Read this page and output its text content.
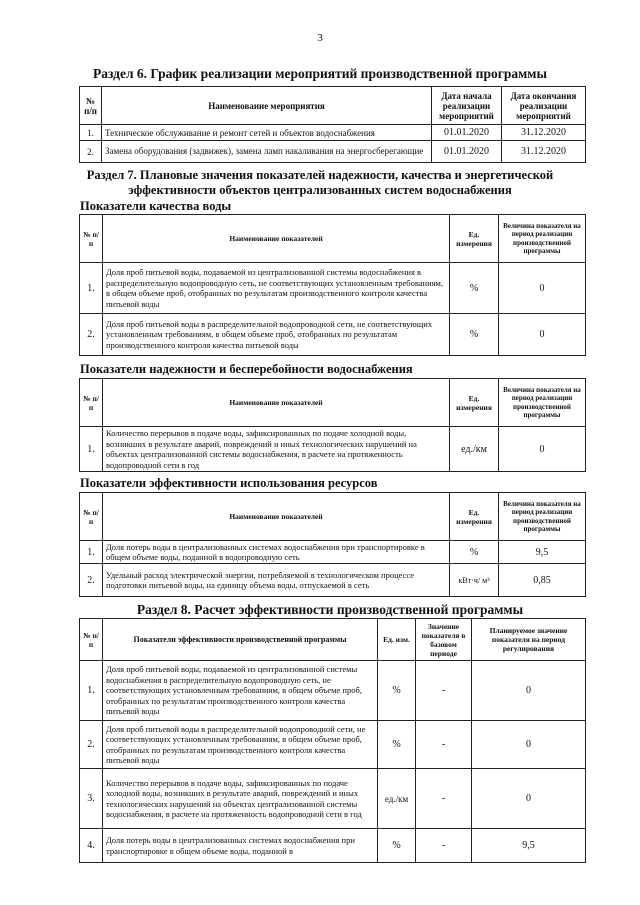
3
Раздел 6. График реализации мероприятий производственной программы
№ п/п	Наименование мероприятия	Дата начала реализации мероприятий	Дата окончания реализации мероприятий
1.	Техническое обслуживание и ремонт сетей и объектов водоснабжения	01.01.2020	31.12.2020
2.	Замена оборудования (задвижек), замена ламп накаливания на энергосберегающие	01.01.2020	31.12.2020
Раздел 7. Плановые значения показателей надежности, качества и энергетической
эффективности объектов централизованных систем водоснабжения
Показатели качества воды
№ п/п	Наименование показателей	Ед. измерения	Величина показателя на период реализации производственной программы
1.	Доля проб питьевой воды, подаваемой из централизованной системы водоснабжения в распределительную водопроводную сеть, не соответствующих установленным требованиям, в общем объеме проб, отобранных по результатам производственного контроля качества питьевой воды	%	0
2.	Доля проб питьевой воды в распределительной водопроводной сети, не соответствующих установленным требованиям, в общем объеме проб, отобранных по результатам производственного контроля качества питьевой воды	%	0
Показатели надежности и бесперебойности водоснабжения
№ п/п	Наименование показателей	Ед. измерения	Величина показателя на период реализации производственной программы
1.	Количество перерывов в подаче воды, зафиксированных по подаче холодной воды, возникших в результате аварий, повреждений и иных технологических нарушений на объектах централизованной системы водоснабжения, в расчете на протяженность водопроводной сети в год	ед./км	0
Показатели эффективности использования ресурсов
№ п/п	Наименование показателей	Ед. измерения	Величина показателя на период реализации производственной программы
1.	Доля потерь воды в централизованных системах водоснабжения при транспортировке в общем объеме воды, поданной в водопроводную сеть	%	9,5
2.	Удельный расход электрической энергии, потребляемой в технологическом процессе подготовки питьевой воды, на единицу объема воды, отпускаемой в сеть	кВт·ч/ м³	0,85
Раздел 8. Расчет эффективности производственной программы
№ п/п	Показатели эффективности производственной программы	Ед. изм.	Значение показателя в базовом периоде	Планируемое значение показателя на период регулирования
1.	Доля проб питьевой воды, подаваемой из централизованной системы водоснабжения в распределительную водопроводную сеть, не соответствующих установленным требованиям, в общем объеме проб, отобранных по результатам производственного контроля качества питьевой воды	%	-	0
2.	Доля проб питьевой воды в распределительной водопроводной сети, не соответствующих установленным требованиям, в общем объеме проб, отобранных по результатам производственного контроля качества питьевой воды	%	-	0
3.	Количество перерывов в подаче воды, зафиксированных по подаче холодной воды, возникших в результате аварий, повреждений и иных технологических нарушений на объектах централизованной системы водоснабжения, в расчете на протяженность водопроводной сети в год	ед./км	-	0
4.	Доля потерь воды в централизованных системах водоснабжения при транспортировке в общем объеме воды, поданной в	%	-	9,5
